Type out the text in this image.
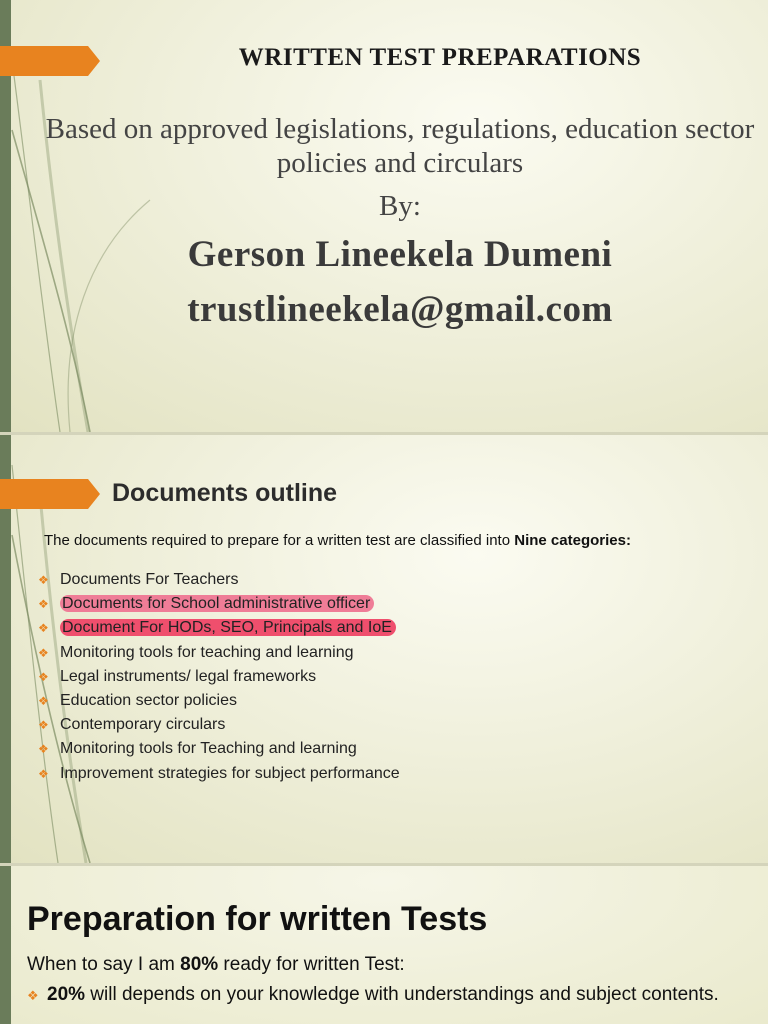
WRITTEN TEST PREPARATIONS
Based on approved legislations, regulations, education sector policies and circulars
By:
Gerson Lineekela Dumeni
trustlineekela@gmail.com
Documents outline
The documents required to prepare for a written test are classified into Nine categories:
❖ Documents For Teachers
❖ Documents for School administrative officer
❖ Document For HODs, SEO, Principals and IoE
❖ Monitoring tools for teaching and learning
❖ Legal instruments/ legal frameworks
❖ Education sector policies
❖ Contemporary circulars
❖ Monitoring tools for Teaching and learning
❖ Improvement strategies for subject performance
Preparation for written Tests
When to say I am 80% ready for written Test:
❖ 20% will depends on your knowledge with understandings and subject contents.
